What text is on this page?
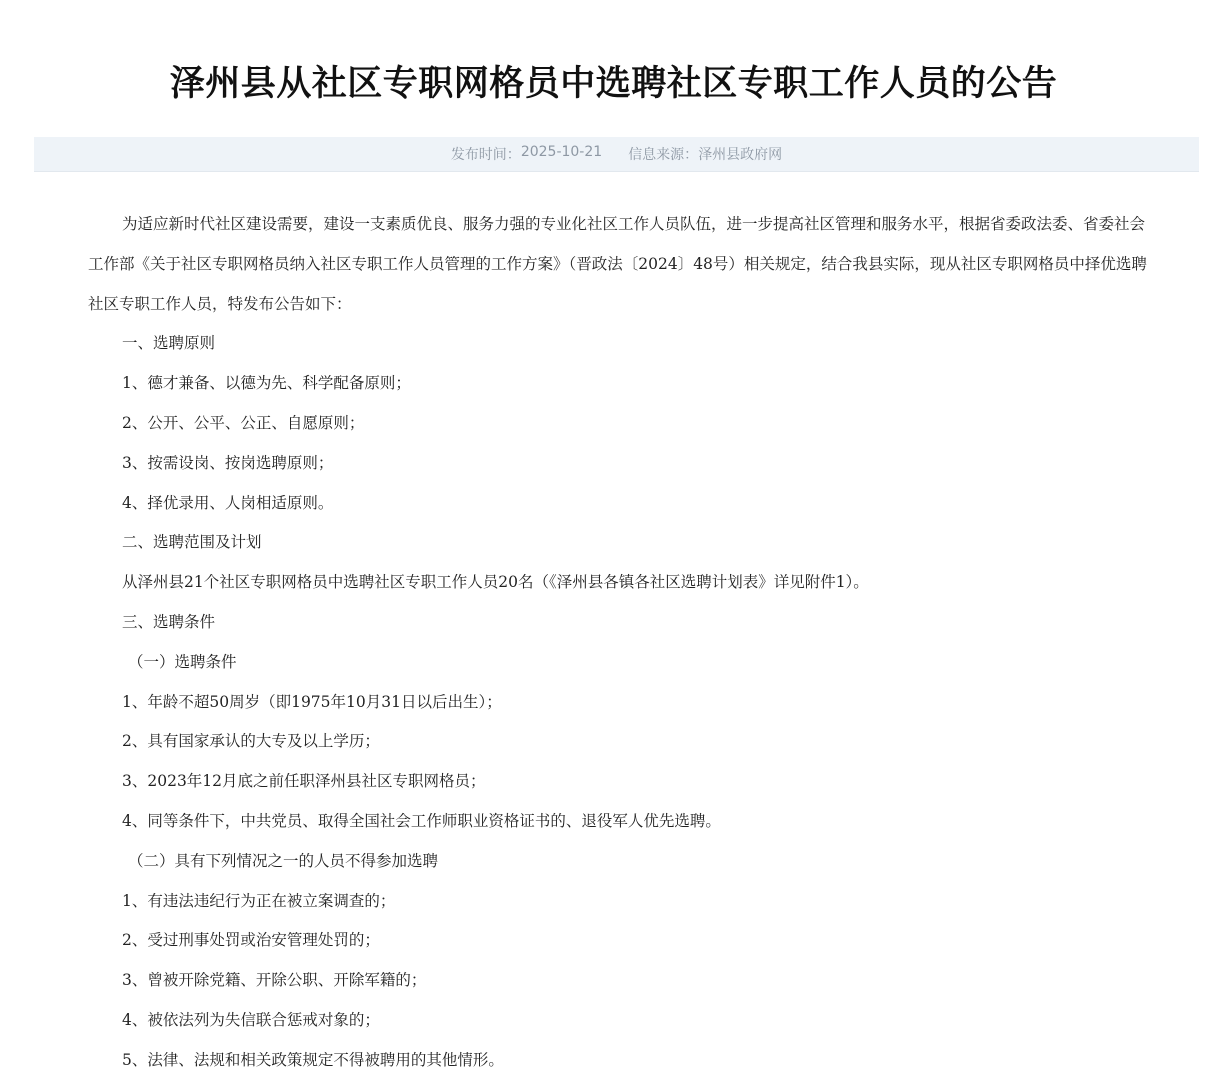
泽州县从社区专职网格员中选聘社区专职工作人员的公告
发布时间： 2025-10-21 信息来源： 泽州县政府网

为适应新时代社区建设需要，建设一支素质优良、服务力强的专业化社区工作人员队伍，进一步提高社区管理和服务水平，根据省委政法委、省委社会工作部《关于社区专职网格员纳入社区专职工作人员管理的工作方案》（晋政法〔2024〕48号）相关规定，结合我县实际，现从社区专职网格员中择优选聘社区专职工作人员，特发布公告如下：

一、选聘原则

1、德才兼备、以德为先、科学配备原则；

2、公开、公平、公正、自愿原则；

3、按需设岗、按岗选聘原则；

4、择优录用、人岗相适原则。

二、选聘范围及计划

从泽州县21个社区专职网格员中选聘社区专职工作人员20名（《泽州县各镇各社区选聘计划表》详见附件1）。

三、选聘条件

（一）选聘条件

1、年龄不超50周岁（即1975年10月31日以后出生）；

2、具有国家承认的大专及以上学历；

3、2023年12月底之前任职泽州县社区专职网格员；

4、同等条件下，中共党员、取得全国社会工作师职业资格证书的、退役军人优先选聘。

（二）具有下列情况之一的人员不得参加选聘

1、有违法违纪行为正在被立案调查的；

2、受过刑事处罚或治安管理处罚的；

3、曾被开除党籍、开除公职、开除军籍的；

4、被依法列为失信联合惩戒对象的；

5、法律、法规和相关政策规定不得被聘用的其他情形。
